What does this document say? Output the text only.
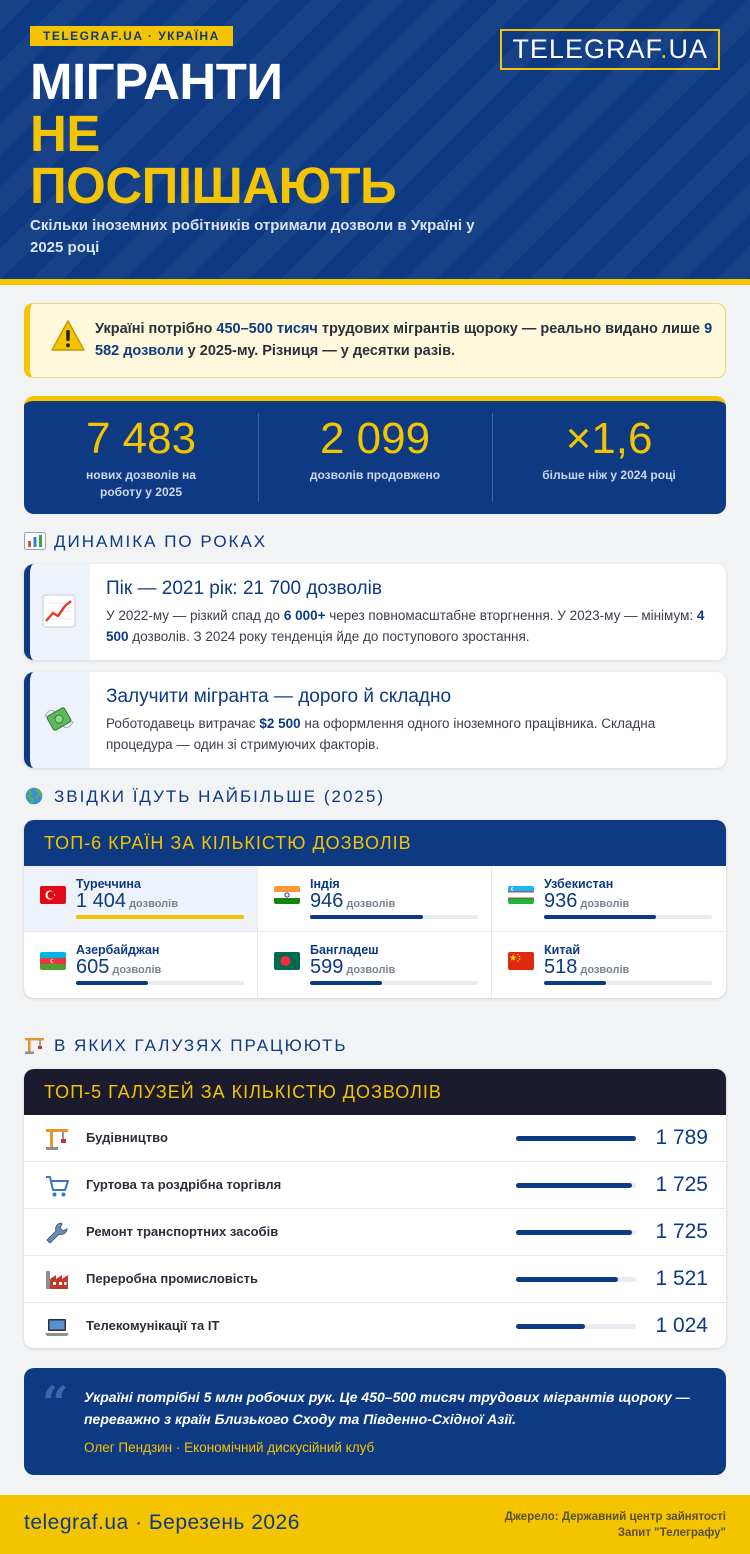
TELEGRAF.UA · УКРАЇНА	TELEGRAF.UA
МІГРАНТИ
НЕ
ПОСПІШАЮТЬ
Скільки іноземних робітників отримали дозволи в Україні у 2025 році
Україні потрібно 450–500 тисяч трудових мігрантів щороку — реально видано лише 9 582 дозволи у 2025-му. Різниця — у десятки разів.
7 483
нових дозволів на роботу у 2025
2 099
дозволів продовжено
×1,6
більше ніж у 2024 році
ДИНАМІКА ПО РОКАХ
Пік — 2021 рік: 21 700 дозволів
У 2022-му — різкий спад до 6 000+ через повномасштабне вторгнення. У 2023-му — мінімум: 4 500 дозволів. З 2024 року тенденція йде до поступового зростання.
Залучити мігранта — дорого й складно
Роботодавець витрачає $2 500 на оформлення одного іноземного працівника. Складна процедура — один зі стримуючих факторів.
ЗВІДКИ ЇДУТЬ НАЙБІЛЬШЕ (2025)
ТОП-6 КРАЇН ЗА КІЛЬКІСТЮ ДОЗВОЛІВ
Туреччина
1 404 дозволів
Індія
946 дозволів
Узбекистан
936 дозволів
Азербайджан
605 дозволів
Бангладеш
599 дозволів
Китай
518 дозволів
В ЯКИХ ГАЛУЗЯХ ПРАЦЮЮТЬ
ТОП-5 ГАЛУЗЕЙ ЗА КІЛЬКІСТЮ ДОЗВОЛІВ
Будівництво	1 789
Гуртова та роздрібна торгівля	1 725
Ремонт транспортних засобів	1 725
Переробна промисловість	1 521
Телекомунікації та IT	1 024
“ Україні потрібні 5 млн робочих рук. Це 450–500 тисяч трудових мігрантів щороку — переважно з країн Близького Сходу та Південно-Східної Азії.
Олег Пендзин · Економічний дискусійний клуб
telegraf.ua · Березень 2026	Джерело: Державний центр зайнятості
Запит "Телеграфу"
